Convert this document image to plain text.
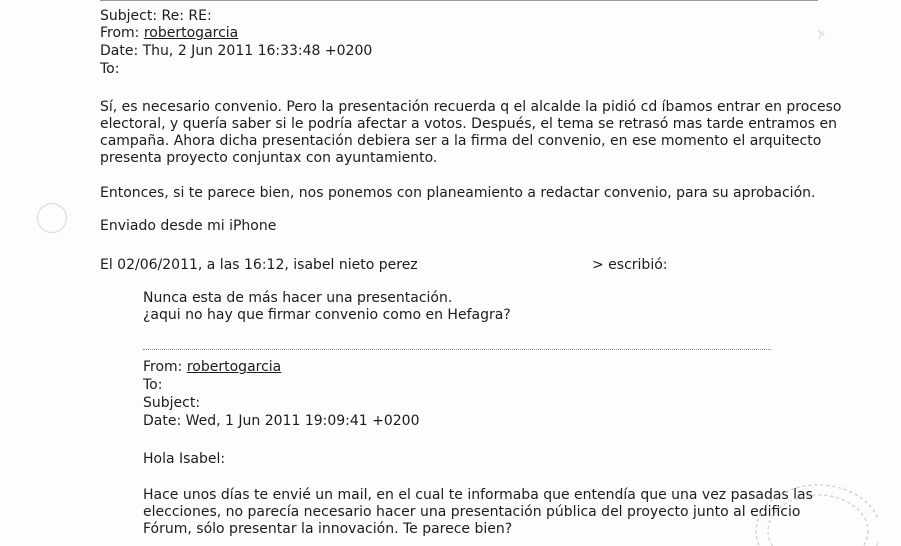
Subject: Re: RE:
From: robertogarcia
Date: Thu, 2 Jun 2011 16:33:48 +0200
To:
Sí, es necesario convenio. Pero la presentación recuerda q el alcalde la pidió cd íbamos entrar en proceso
electoral, y quería saber si le podría afectar a votos. Después, el tema se retrasó mas tarde entramos en
campaña. Ahora dicha presentación debiera ser a la firma del convenio, en ese momento el arquitecto
presenta proyecto conjuntax con ayuntamiento.
Entonces, si te parece bien, nos ponemos con planeamiento a redactar convenio, para su aprobación.
Enviado desde mi iPhone
El 02/06/2011, a las 16:12, isabel nieto perez	> escribió:
Nunca esta de más hacer una presentación.
¿aqui no hay que firmar convenio como en Hefagra?
From: robertogarcia
To:
Subject:
Date: Wed, 1 Jun 2011 19:09:41 +0200
Hola Isabel:
Hace unos días te envié un mail, en el cual te informaba que entendía que una vez pasadas las
elecciones, no parecía necesario hacer una presentación pública del proyecto junto al edificio
Fórum, sólo presentar la innovación. Te parece bien?
